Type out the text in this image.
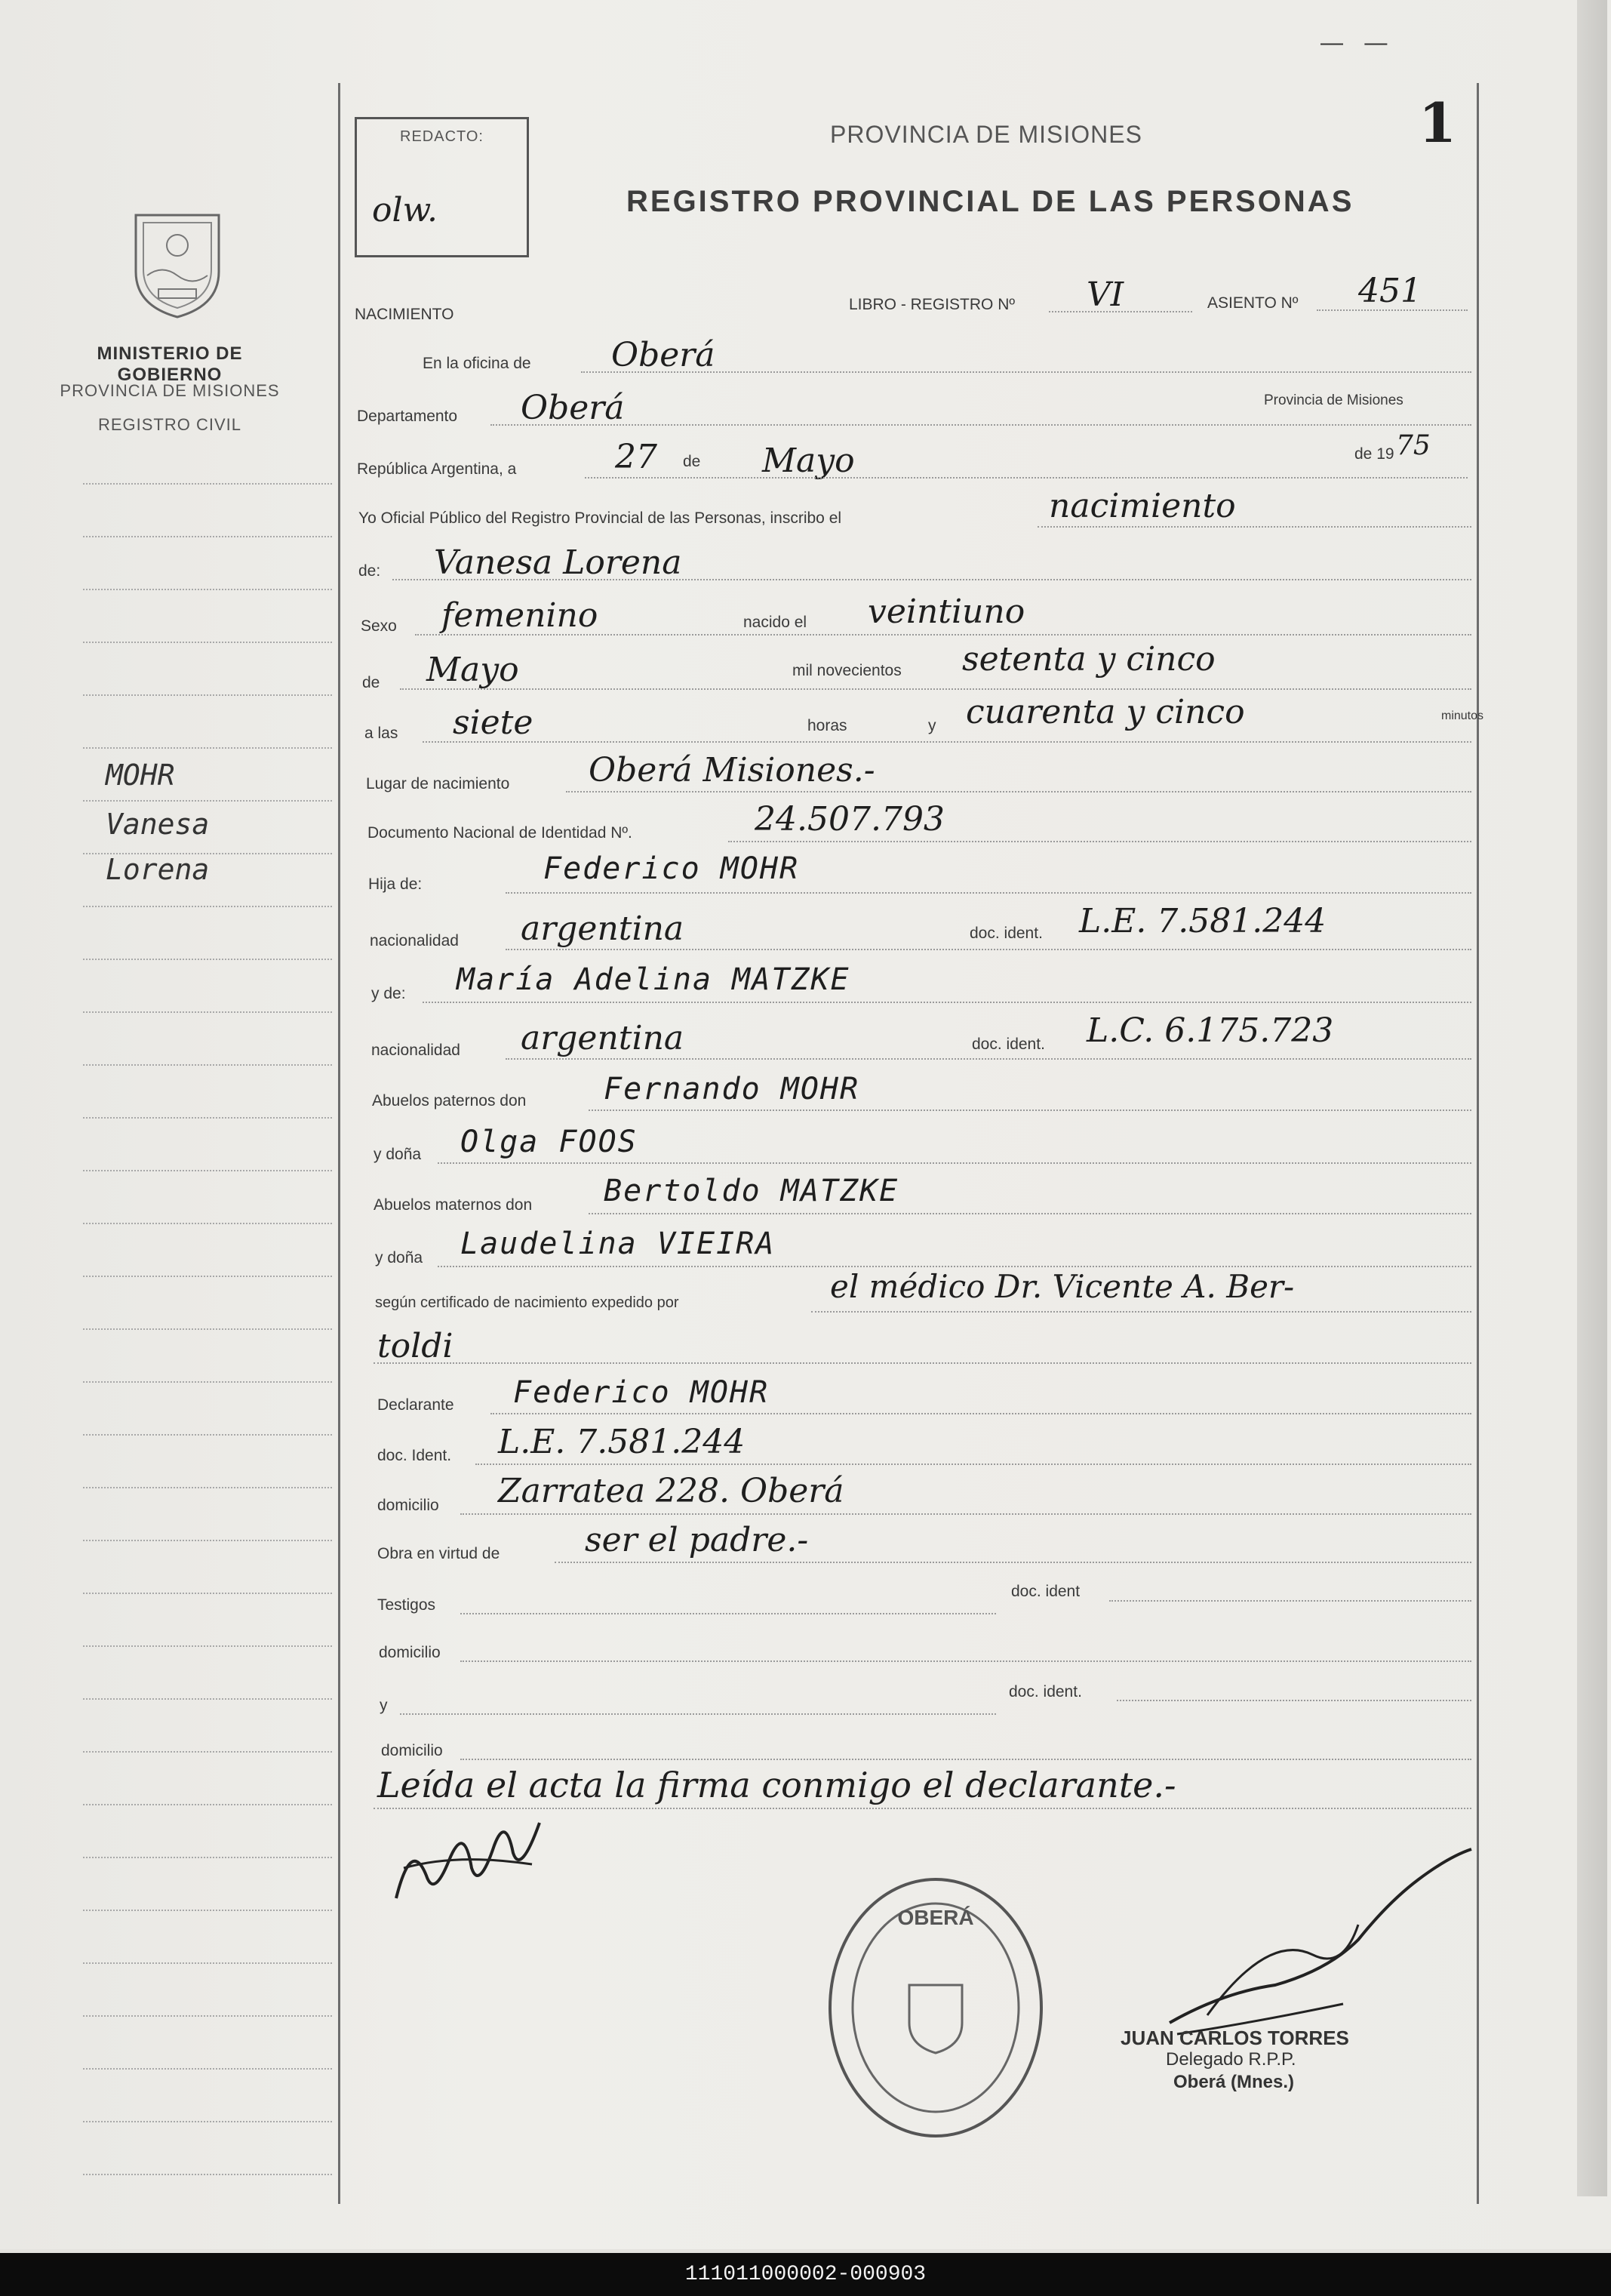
— —
1
MINISTERIO DE GOBIERNO
PROVINCIA DE MISIONES
REGISTRO CIVIL
MOHR
Vanesa
Lorena
REDACTO:
olw.
PROVINCIA DE MISIONES
REGISTRO PROVINCIAL DE LAS PERSONAS
NACIMIENTO
LIBRO - REGISTRO Nº VI	ASIENTO Nº 451
En la oficina de Oberá
Departamento Oberá	Provincia de Misiones
República Argentina, a	27 de Mayo	de 19 75
Yo Oficial Público del Registro Provincial de las Personas, inscribo el	nacimiento
de: Vanesa Lorena
Sexo femenino	nacido el veintiuno
de Mayo	mil novecientos setenta y cinco
a las siete	horas	y cuarenta y cinco	minutos
Lugar de nacimiento Oberá Misiones.-
Documento Nacional de Identidad Nº.	24.507.793
Hija de:	Federico MOHR
nacionalidad argentina	doc. ident. L.E. 7.581.244
y de: María Adelina MATZKE
nacionalidad argentina	doc. ident. L.C. 6.175.723
Abuelos paternos don	Fernando MOHR
y doña Olga FOOS
Abuelos maternos don Bertoldo MATZKE
y doña Laudelina VIEIRA
según certificado de nacimiento expedido por	el médico Dr. Vicente A. Ber-
toldi
Declarante Federico MOHR
doc. Ident. L.E. 7.581.244
domicilio Zarratea 228. Oberá
Obra en virtud de	ser el padre.-
Testigos
doc. ident
domicilio
y
doc. ident.
domicilio
Leída el acta la firma conmigo el declarante.-
OBERÁ
JUAN CARLOS TORRES
Delegado R.P.P.
Oberá (Mnes.)
111011000002-000903
